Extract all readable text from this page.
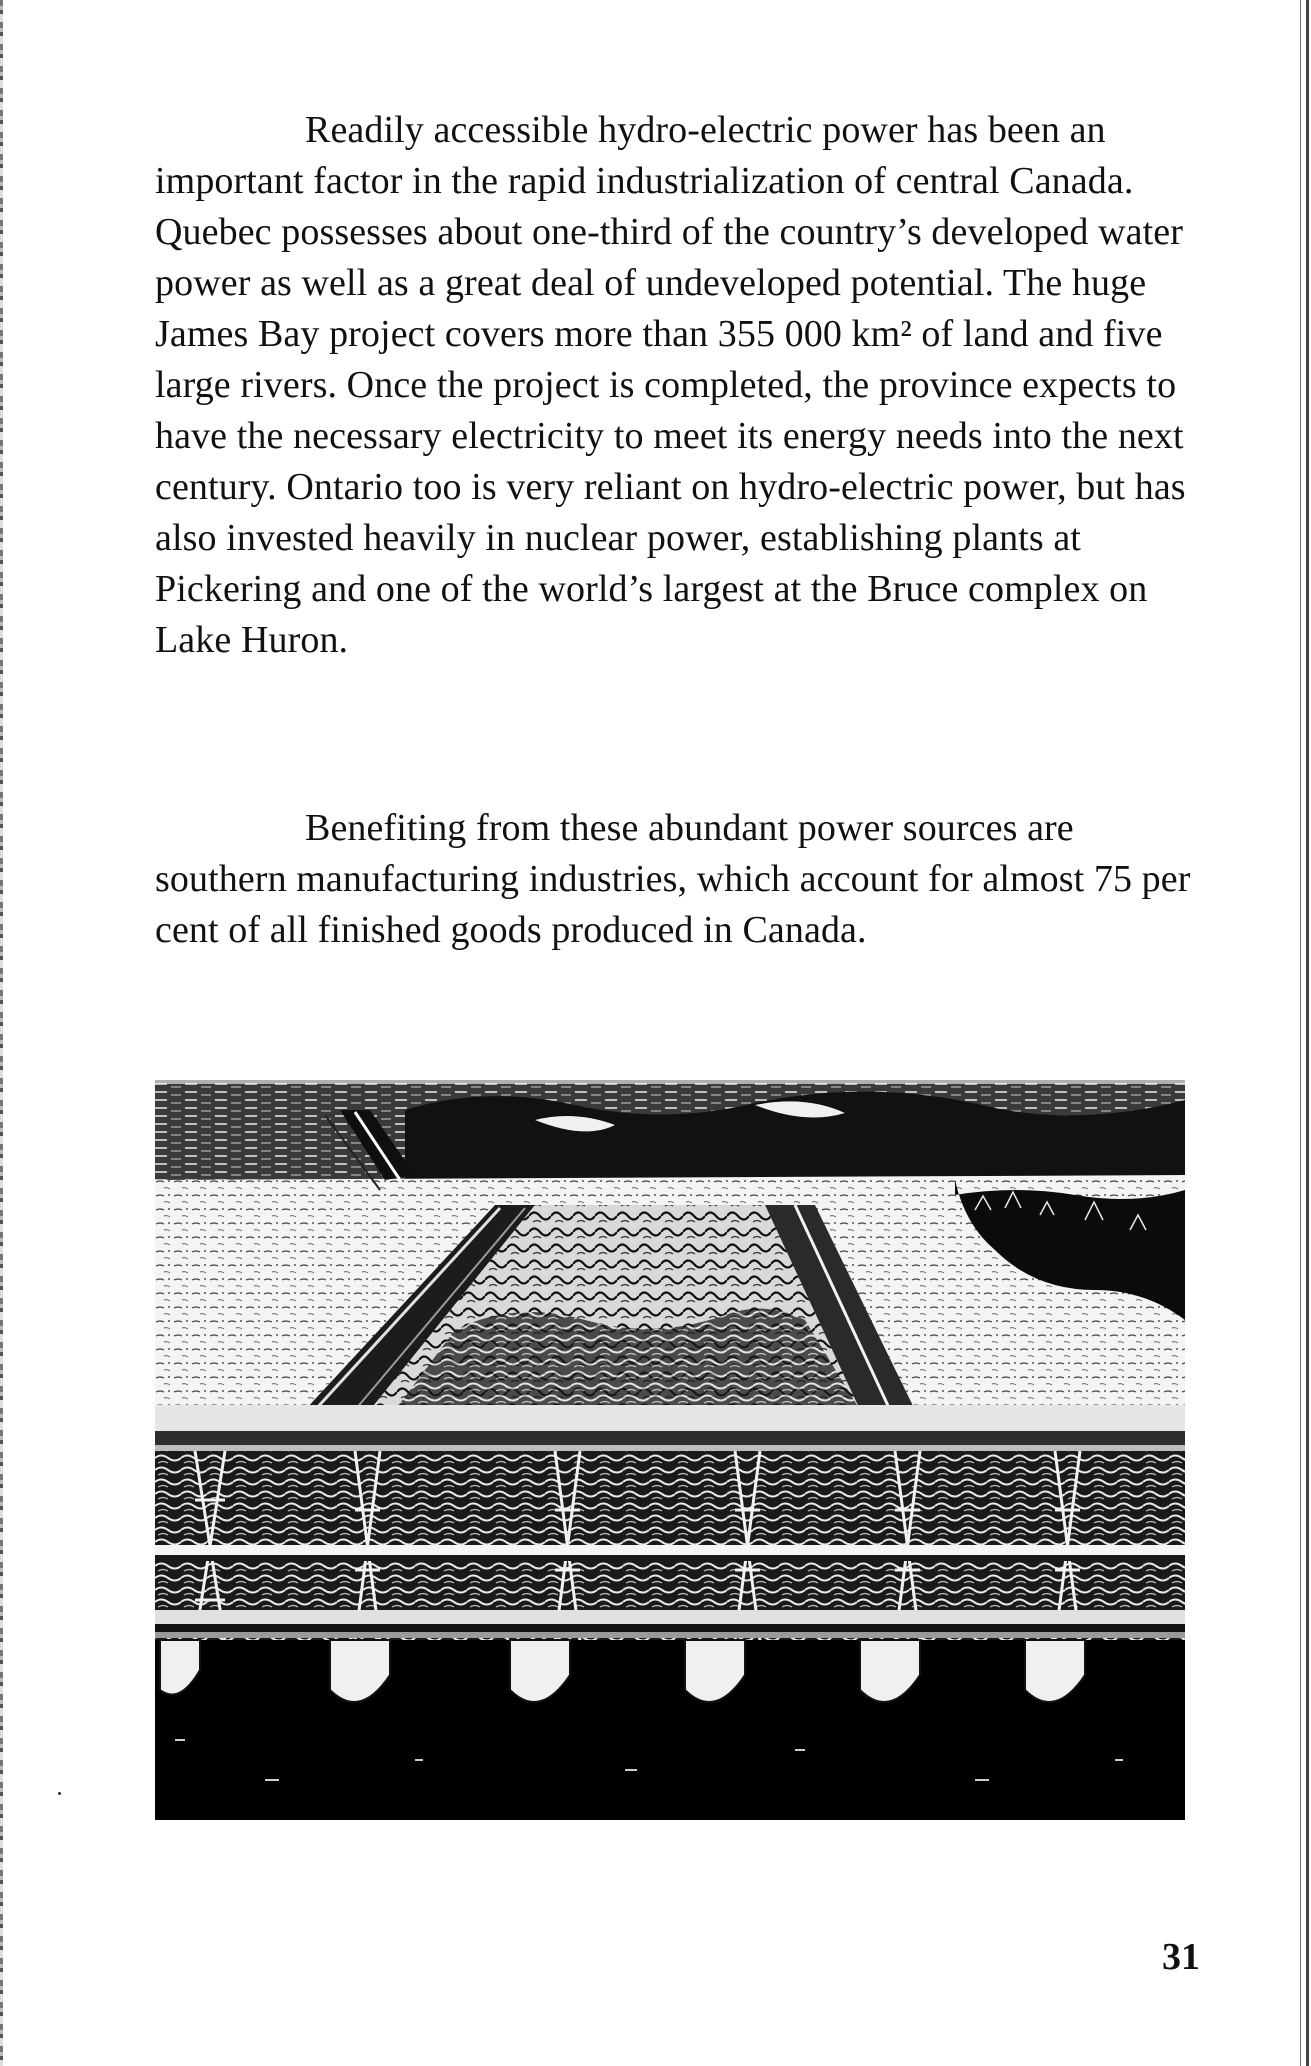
Readily accessible hydro-electric power has been an important factor in the rapid industrialization of central Canada. Quebec possesses about one-third of the country’s developed water power as well as a great deal of undeveloped potential. The huge James Bay project covers more than 355 000 km² of land and five large rivers. Once the project is completed, the province expects to have the necessary electricity to meet its energy needs into the next century. Ontario too is very reliant on hydro-electric power, but has also invested heavily in nuclear power, establishing plants at Pickering and one of the world’s largest at the Bruce complex on Lake Huron.

Benefiting from these abundant power sources are southern manufacturing industries, which account for almost 75 per cent of all finished goods produced in Canada.

31
